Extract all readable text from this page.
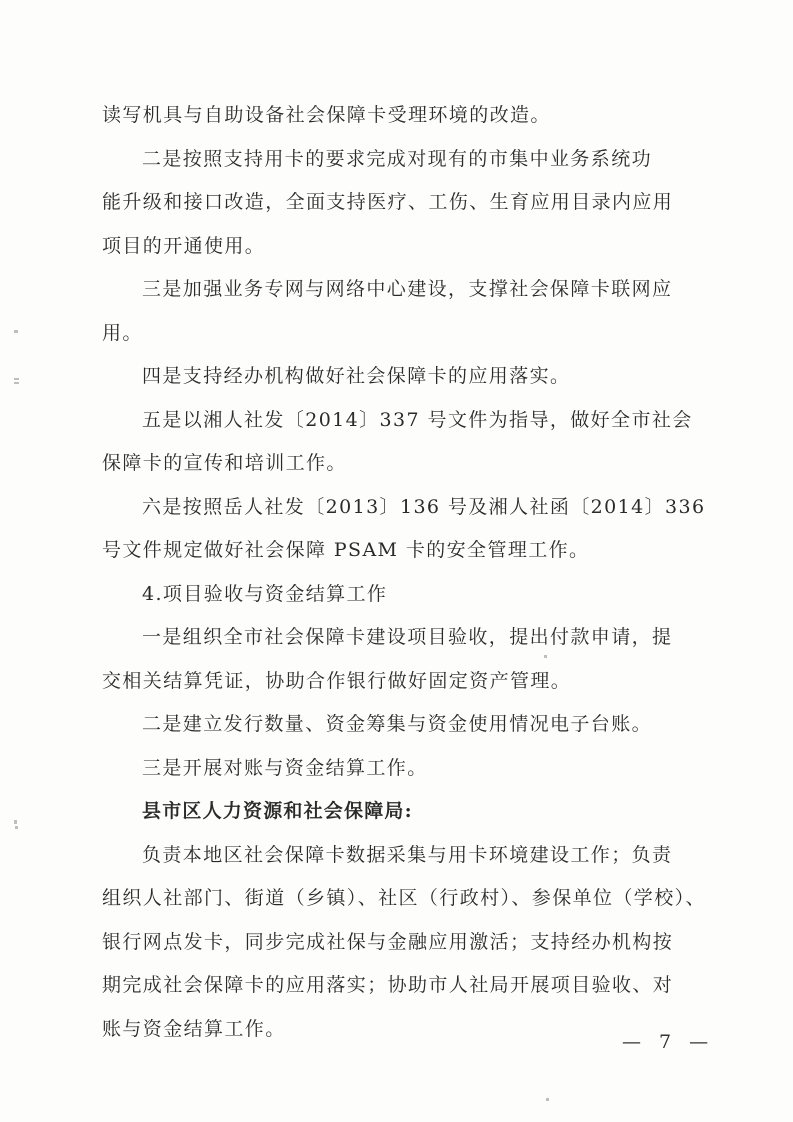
读写机具与自助设备社会保障卡受理环境的改造。
二是按照支持用卡的要求完成对现有的市集中业务系统功
能升级和接口改造，全面支持医疗、工伤、生育应用目录内应用
项目的开通使用。
三是加强业务专网与网络中心建设，支撑社会保障卡联网应
用。
四是支持经办机构做好社会保障卡的应用落实。
五是以湘人社发〔2014〕337 号文件为指导，做好全市社会
保障卡的宣传和培训工作。
六是按照岳人社发〔2013〕136 号及湘人社函〔2014〕336
号文件规定做好社会保障 PSAM 卡的安全管理工作。
4.项目验收与资金结算工作
一是组织全市社会保障卡建设项目验收，提出付款申请，提
交相关结算凭证，协助合作银行做好固定资产管理。
二是建立发行数量、资金筹集与资金使用情况电子台账。
三是开展对账与资金结算工作。
县市区人力资源和社会保障局:
负责本地区社会保障卡数据采集与用卡环境建设工作；负责
组织人社部门、街道（乡镇）、社区（行政村）、参保单位（学校）、
银行网点发卡，同步完成社保与金融应用激活；支持经办机构按
期完成社会保障卡的应用落实；协助市人社局开展项目验收、对
账与资金结算工作。
— 7 —
